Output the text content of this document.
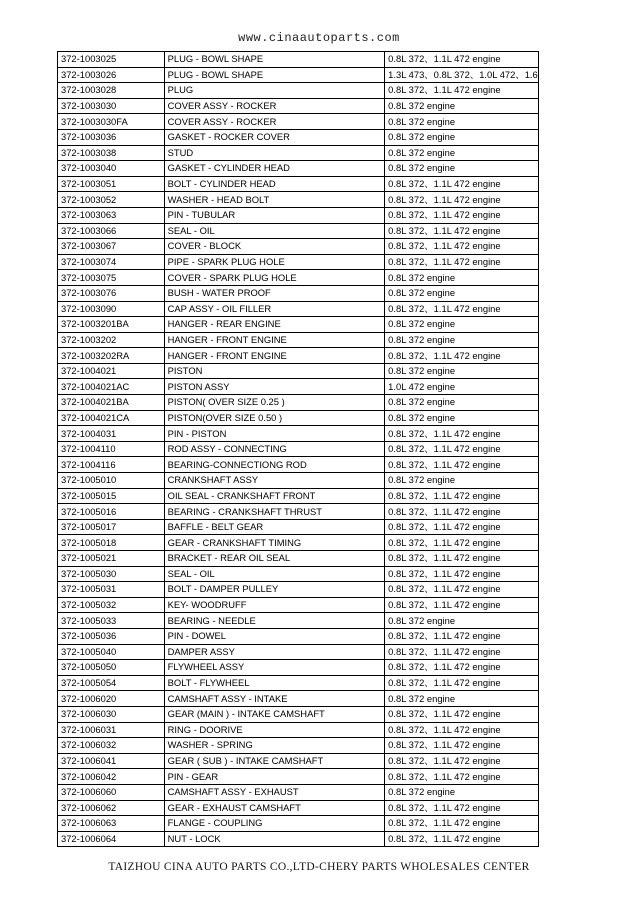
www.cinaautoparts.com
372-1003025	PLUG - BOWL SHAPE	0.8L 372、1.1L 472 engine
372-1003026	PLUG - BOWL SHAPE	1.3L 473、0.8L 372、1.0L 472、1.6
372-1003028	PLUG	0.8L 372、1.1L 472 engine
372-1003030	COVER ASSY - ROCKER	0.8L 372 engine
372-1003030FA	COVER ASSY - ROCKER	0.8L 372 engine
372-1003036	GASKET - ROCKER COVER	0.8L 372 engine
372-1003038	STUD	0.8L 372 engine
372-1003040	GASKET - CYLINDER HEAD	0.8L 372 engine
372-1003051	BOLT - CYLINDER HEAD	0.8L 372、1.1L 472 engine
372-1003052	WASHER - HEAD BOLT	0.8L 372、1.1L 472 engine
372-1003063	PIN - TUBULAR	0.8L 372、1.1L 472 engine
372-1003066	SEAL - OIL	0.8L 372、1.1L 472 engine
372-1003067	COVER - BLOCK	0.8L 372、1.1L 472 engine
372-1003074	PIPE - SPARK PLUG HOLE	0.8L 372、1.1L 472 engine
372-1003075	COVER - SPARK PLUG HOLE	0.8L 372 engine
372-1003076	BUSH - WATER PROOF	0.8L 372 engine
372-1003090	CAP ASSY - OIL FILLER	0.8L 372、1.1L 472 engine
372-1003201BA	HANGER - REAR ENGINE	0.8L 372 engine
372-1003202	HANGER - FRONT ENGINE	0.8L 372 engine
372-1003202RA	HANGER - FRONT ENGINE	0.8L 372、1.1L 472 engine
372-1004021	PISTON	0.8L 372 engine
372-1004021AC	PISTON ASSY	1.0L 472 engine
372-1004021BA	PISTON( OVER SIZE 0.25 )	0.8L 372 engine
372-1004021CA	PISTON(OVER SIZE 0.50 )	0.8L 372 engine
372-1004031	PIN - PISTON	0.8L 372、1.1L 472 engine
372-1004110	ROD ASSY - CONNECTING	0.8L 372、1.1L 472 engine
372-1004116	BEARING-CONNECTIONG ROD	0.8L 372、1.1L 472 engine
372-1005010	CRANKSHAFT ASSY	0.8L 372 engine
372-1005015	OIL SEAL - CRANKSHAFT FRONT	0.8L 372、1.1L 472 engine
372-1005016	BEARING - CRANKSHAFT THRUST	0.8L 372、1.1L 472 engine
372-1005017	BAFFLE - BELT GEAR	0.8L 372、1.1L 472 engine
372-1005018	GEAR - CRANKSHAFT TIMING	0.8L 372、1.1L 472 engine
372-1005021	BRACKET - REAR OIL SEAL	0.8L 372、1.1L 472 engine
372-1005030	SEAL - OIL	0.8L 372、1.1L 472 engine
372-1005031	BOLT - DAMPER PULLEY	0.8L 372、1.1L 472 engine
372-1005032	KEY- WOODRUFF	0.8L 372、1.1L 472 engine
372-1005033	BEARING - NEEDLE	0.8L 372 engine
372-1005036	PIN - DOWEL	0.8L 372、1.1L 472 engine
372-1005040	DAMPER ASSY	0.8L 372、1.1L 472 engine
372-1005050	FLYWHEEL ASSY	0.8L 372、1.1L 472 engine
372-1005054	BOLT - FLYWHEEL	0.8L 372、1.1L 472 engine
372-1006020	CAMSHAFT ASSY - INTAKE	0.8L 372 engine
372-1006030	GEAR (MAIN ) - INTAKE CAMSHAFT	0.8L 372、1.1L 472 engine
372-1006031	RING - DOORIVE	0.8L 372、1.1L 472 engine
372-1006032	WASHER - SPRING	0.8L 372、1.1L 472 engine
372-1006041	GEAR ( SUB ) - INTAKE CAMSHAFT	0.8L 372、1.1L 472 engine
372-1006042	PIN - GEAR	0.8L 372、1.1L 472 engine
372-1006060	CAMSHAFT ASSY - EXHAUST	0.8L 372 engine
372-1006062	GEAR - EXHAUST CAMSHAFT	0.8L 372、1.1L 472 engine
372-1006063	FLANGE - COUPLING	0.8L 372、1.1L 472 engine
372-1006064	NUT - LOCK	0.8L 372、1.1L 472 engine
TAIZHOU CINA AUTO PARTS CO.,LTD-CHERY PARTS WHOLESALES CENTER
